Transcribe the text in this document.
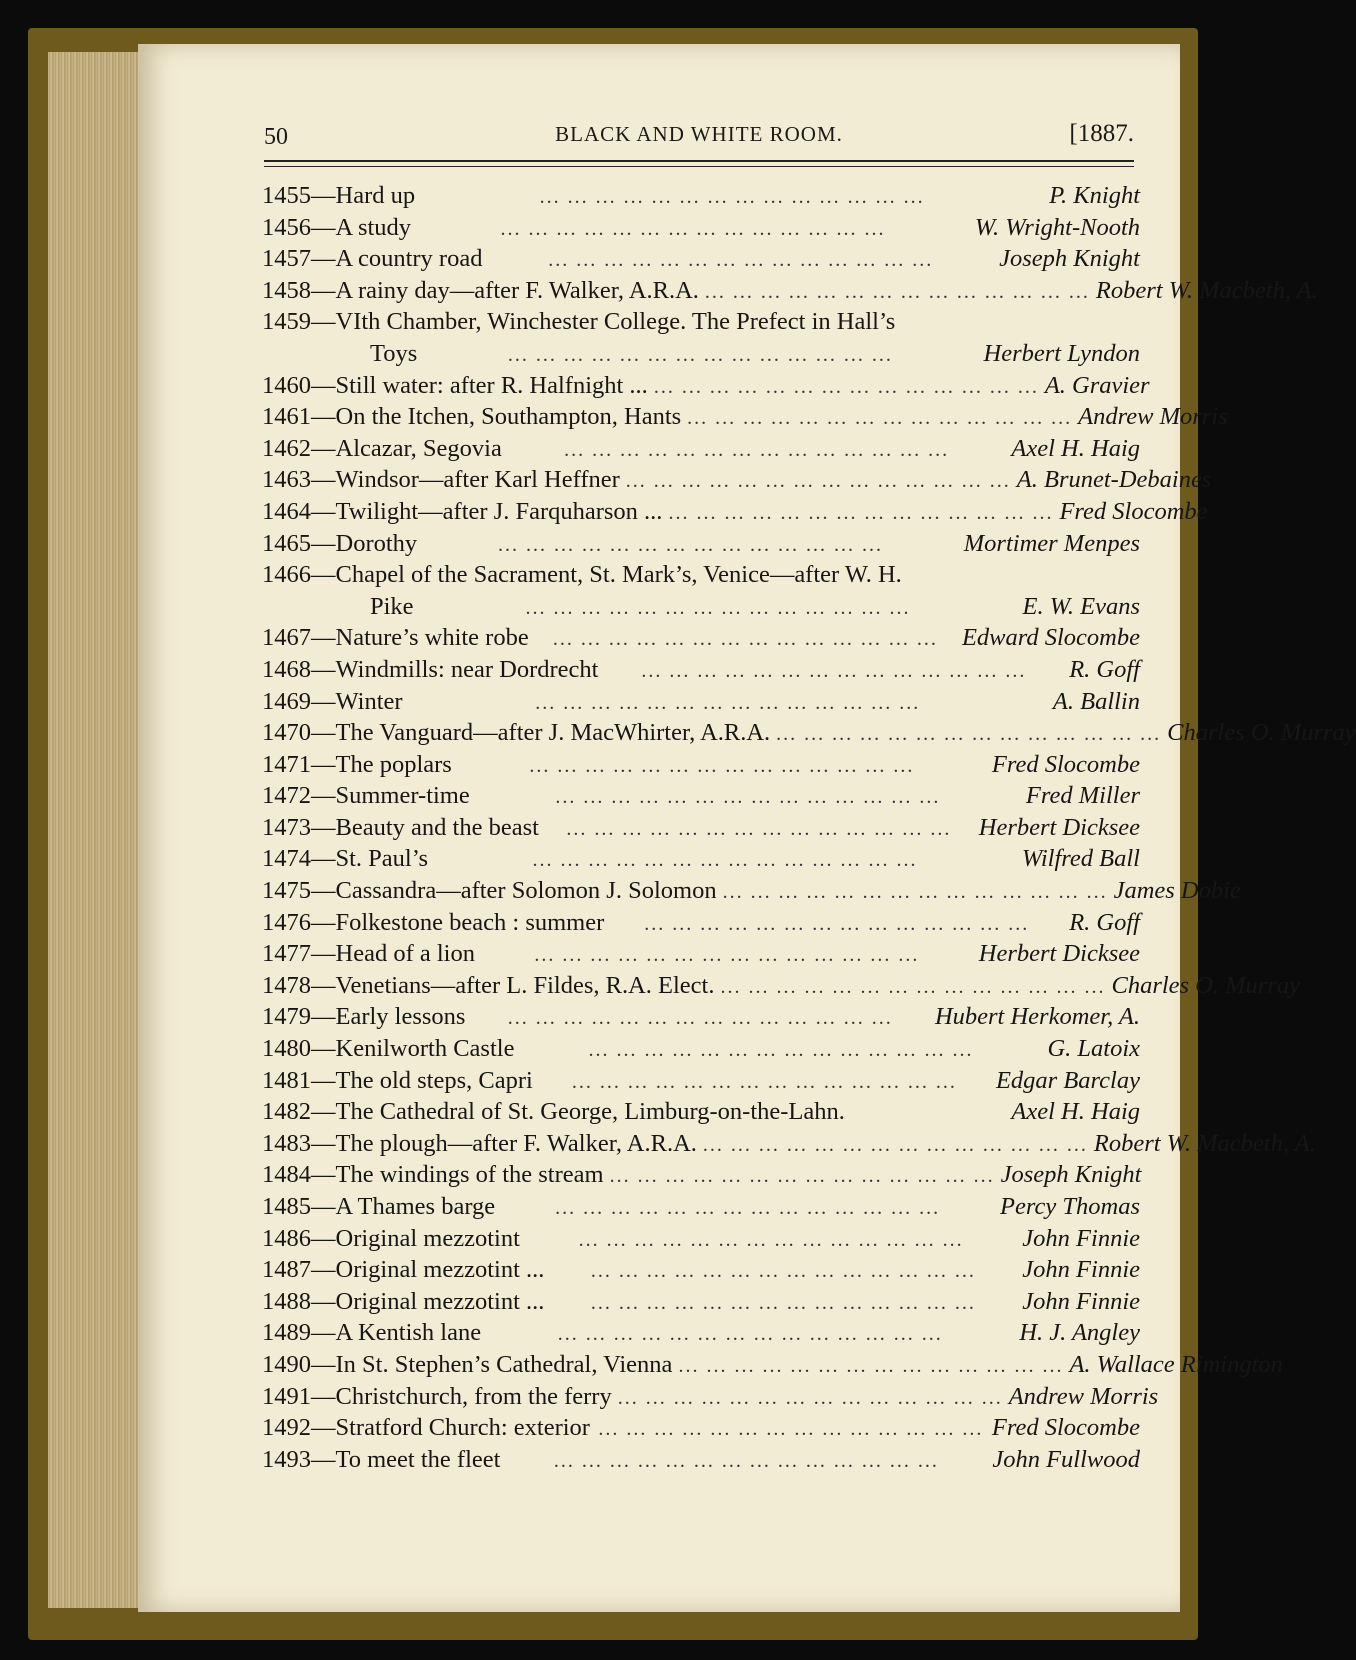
50	BLACK AND WHITE ROOM.	[1887.
1455—Hard up	... ... ... ... ... ... ... ... ... ... ... ... ... ...	P. Knight
1456—A study	... ... ... ... ... ... ... ... ... ... ... ... ... ...	W. Wright-Nooth
1457—A country road	... ... ... ... ... ... ... ... ... ... ... ... ... ...	Joseph Knight
1458—A rainy day—after F. Walker, A.R.A. ... ... ... ... ... ... ... ... ... ... ... ... ... ... Robert W. Macbeth, A.
1459—VIth Chamber, Winchester College. The Prefect in Hall’s
Toys	... ... ... ... ... ... ... ... ... ... ... ... ... ...	Herbert Lyndon
1460—Still water: after R. Halfnight ... ... ... ... ... ... ... ... ... ... ... ... ... ... ... A. Gravier
1461—On the Itchen, Southampton, Hants ... ... ... ... ... ... ... ... ... ... ... ... ... ... Andrew Morris
1462—Alcazar, Segovia	... ... ... ... ... ... ... ... ... ... ... ... ... ...	Axel H. Haig
1463—Windsor—after Karl Heffner ... ... ... ... ... ... ... ... ... ... ... ... ... ... A. Brunet-Debaines
1464—Twilight—after J. Farquharson ... ... ... ... ... ... ... ... ... ... ... ... ... ... ... Fred Slocombe
1465—Dorothy	... ... ... ... ... ... ... ... ... ... ... ... ... ...	Mortimer Menpes
1466—Chapel of the Sacrament, St. Mark’s, Venice—after W. H.
Pike	... ... ... ... ... ... ... ... ... ... ... ... ... ...	E. W. Evans
1467—Nature’s white robe	... ... ... ... ... ... ... ... ... ... ... ... ... ... Edward Slocombe
1468—Windmills: near Dordrecht	... ... ... ... ... ... ... ... ... ... ... ... ... ...	R. Goff
1469—Winter	... ... ... ... ... ... ... ... ... ... ... ... ... ...	A. Ballin
1470—The Vanguard—after J. MacWhirter, A.R.A. ... ... ... ... ... ... ... ... ... ... ... ... ... ... Charles O. Murray
1471—The poplars	... ... ... ... ... ... ... ... ... ... ... ... ... ...	Fred Slocombe
1472—Summer-time	... ... ... ... ... ... ... ... ... ... ... ... ... ...	Fred Miller
1473—Beauty and the beast	... ... ... ... ... ... ... ... ... ... ... ... ... ...	Herbert Dicksee
1474—St. Paul’s	... ... ... ... ... ... ... ... ... ... ... ... ... ...	Wilfred Ball
1475—Cassandra—after Solomon J. Solomon ... ... ... ... ... ... ... ... ... ... ... ... ... ... James Dobie
1476—Folkestone beach : summer	... ... ... ... ... ... ... ... ... ... ... ... ... ...	R. Goff
1477—Head of a lion	... ... ... ... ... ... ... ... ... ... ... ... ... ...	Herbert Dicksee
1478—Venetians—after L. Fildes, R.A. Elect. ... ... ... ... ... ... ... ... ... ... ... ... ... ... Charles O. Murray
1479—Early lessons	... ... ... ... ... ... ... ... ... ... ... ... ... ...	Hubert Herkomer, A.
1480—Kenilworth Castle	... ... ... ... ... ... ... ... ... ... ... ... ... ...	G. Latoix
1481—The old steps, Capri	... ... ... ... ... ... ... ... ... ... ... ... ... ...	Edgar Barclay
1482—The Cathedral of St. George, Limburg-on-the-Lahn.	Axel H. Haig
1483—The plough—after F. Walker, A.R.A. ... ... ... ... ... ... ... ... ... ... ... ... ... ... Robert W. Macbeth, A.
1484—The windings of the stream ... ... ... ... ... ... ... ... ... ... ... ... ... ... Joseph Knight
1485—A Thames barge	... ... ... ... ... ... ... ... ... ... ... ... ... ...	Percy Thomas
1486—Original mezzotint	... ... ... ... ... ... ... ... ... ... ... ... ... ...	John Finnie
1487—Original mezzotint ...	... ... ... ... ... ... ... ... ... ... ... ... ... ...	John Finnie
1488—Original mezzotint ...	... ... ... ... ... ... ... ... ... ... ... ... ... ...	John Finnie
1489—A Kentish lane	... ... ... ... ... ... ... ... ... ... ... ... ... ...	H. J. Angley
1490—In St. Stephen’s Cathedral, Vienna ... ... ... ... ... ... ... ... ... ... ... ... ... ... A. Wallace Rimington
1491—Christchurch, from the ferry ... ... ... ... ... ... ... ... ... ... ... ... ... ... Andrew Morris
1492—Stratford Church: exterior ... ... ... ... ... ... ... ... ... ... ... ... ... ... Fred Slocombe
1493—To meet the fleet	... ... ... ... ... ... ... ... ... ... ... ... ... ...	John Fullwood
